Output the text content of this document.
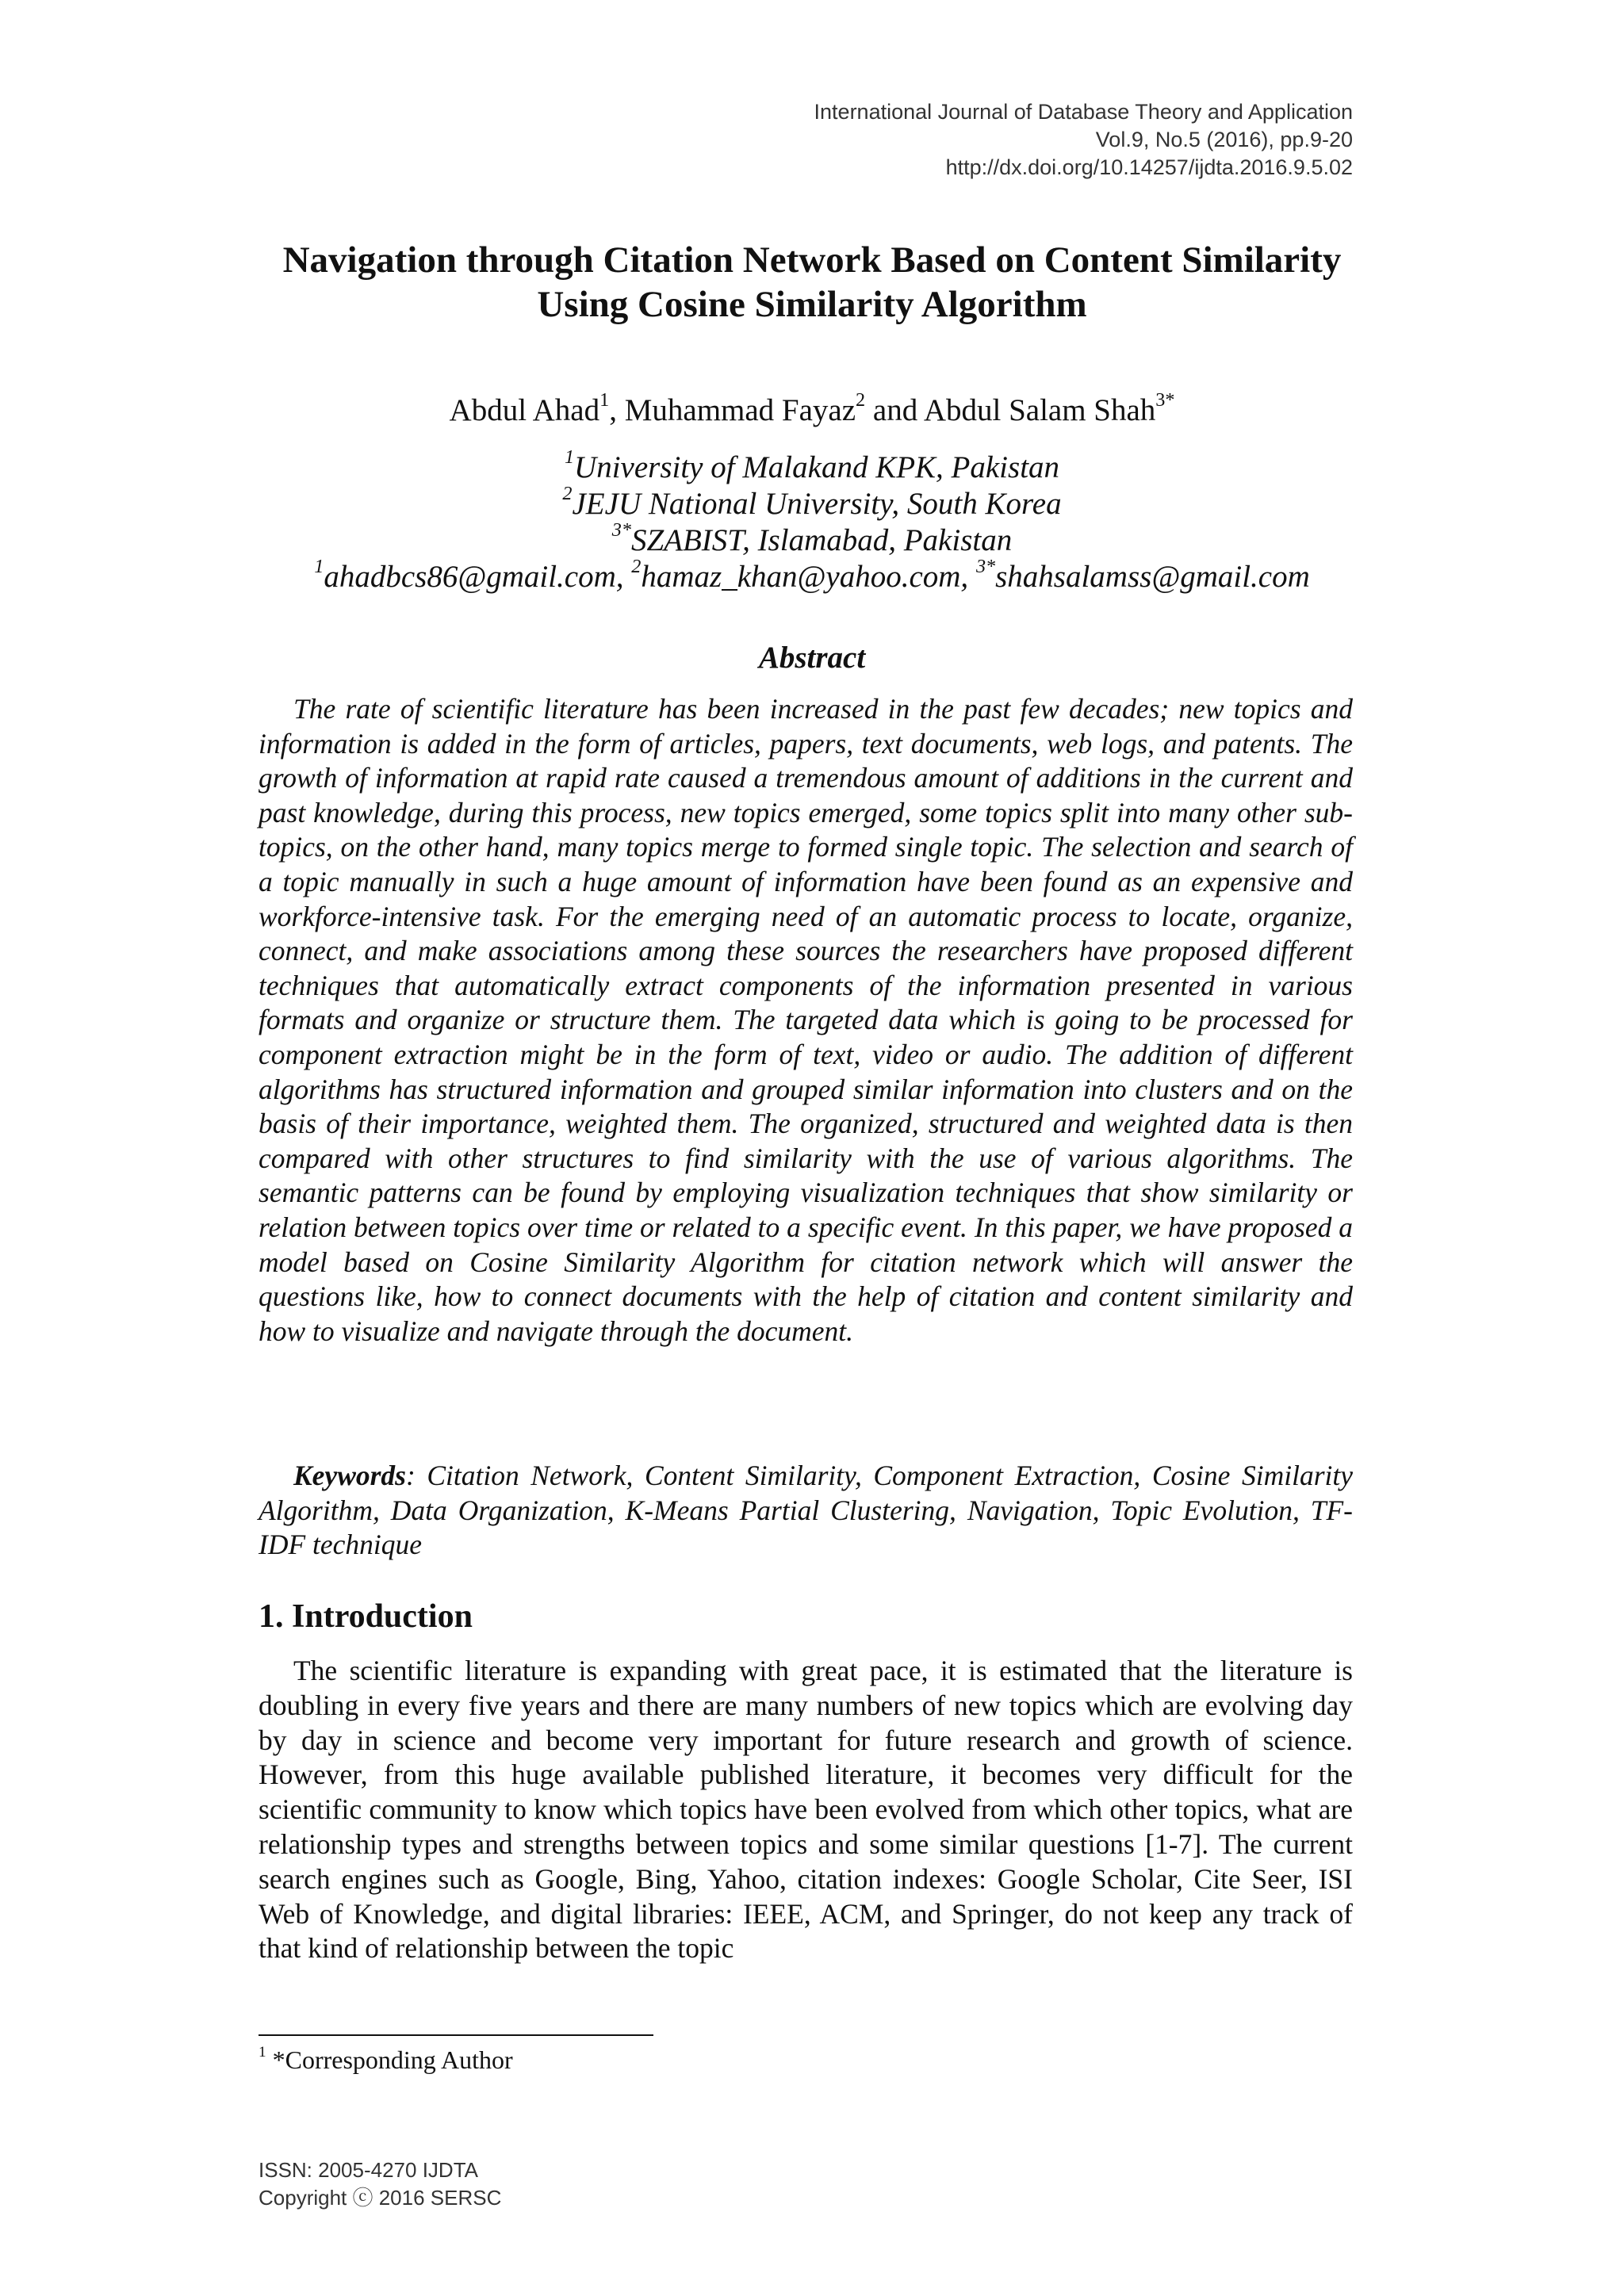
International Journal of Database Theory and Application
Vol.9, No.5 (2016), pp.9-20
http://dx.doi.org/10.14257/ijdta.2016.9.5.02
Navigation through Citation Network Based on Content Similarity
Using Cosine Similarity Algorithm
Abdul Ahad$^1$, Muhammad Fayaz$^2$ and Abdul Salam Shah$^{3*}$
$^1$University of Malakand KPK, Pakistan
$^2$JEJU National University, South Korea
$^{3*}$SZABIST, Islamabad, Pakistan
$^1$ahadbcs86@gmail.com, $^2$hamaz_khan@yahoo.com, $^{3*}$shahsalamss@gmail.com
Abstract

The rate of scientific literature has been increased in the past few decades; new topics and information is added in the form of articles, papers, text documents, web logs, and patents. The growth of information at rapid rate caused a tremendous amount of additions in the current and past knowledge, during this process, new topics emerged, some topics split into many other sub-topics, on the other hand, many topics merge to formed single topic. The selection and search of a topic manually in such a huge amount of information have been found as an expensive and workforce-intensive task. For the emerging need of an automatic process to locate, organize, connect, and make associations among these sources the researchers have proposed different techniques that automatically extract components of the information presented in various formats and organize or structure them. The targeted data which is going to be processed for component extraction might be in the form of text, video or audio. The addition of different algorithms has structured information and grouped similar information into clusters and on the basis of their importance, weighted them. The organized, structured and weighted data is then compared with other structures to find similarity with the use of various algorithms. The semantic patterns can be found by employing visualization techniques that show similarity or relation between topics over time or related to a specific event. In this paper, we have proposed a model based on Cosine Similarity Algorithm for citation network which will answer the questions like, how to connect documents with the help of citation and content similarity and how to visualize and navigate through the document.

Keywords: Citation Network, Content Similarity, Component Extraction, Cosine Similarity Algorithm, Data Organization, K-Means Partial Clustering, Navigation, Topic Evolution, TF-IDF technique

1. Introduction

The scientific literature is expanding with great pace, it is estimated that the literature is doubling in every five years and there are many numbers of new topics which are evolving day by day in science and become very important for future research and growth of science. However, from this huge available published literature, it becomes very difficult for the scientific community to know which topics have been evolved from which other topics, what are relationship types and strengths between topics and some similar questions [1-7]. The current search engines such as Google, Bing, Yahoo, citation indexes: Google Scholar, Cite Seer, ISI Web of Knowledge, and digital libraries: IEEE, ACM, and Springer, do not keep any track of that kind of relationship between the topic

$^1$ *Corresponding Author
ISSN: 2005-4270 IJDTA
Copyright ⓒ 2016 SERSC
